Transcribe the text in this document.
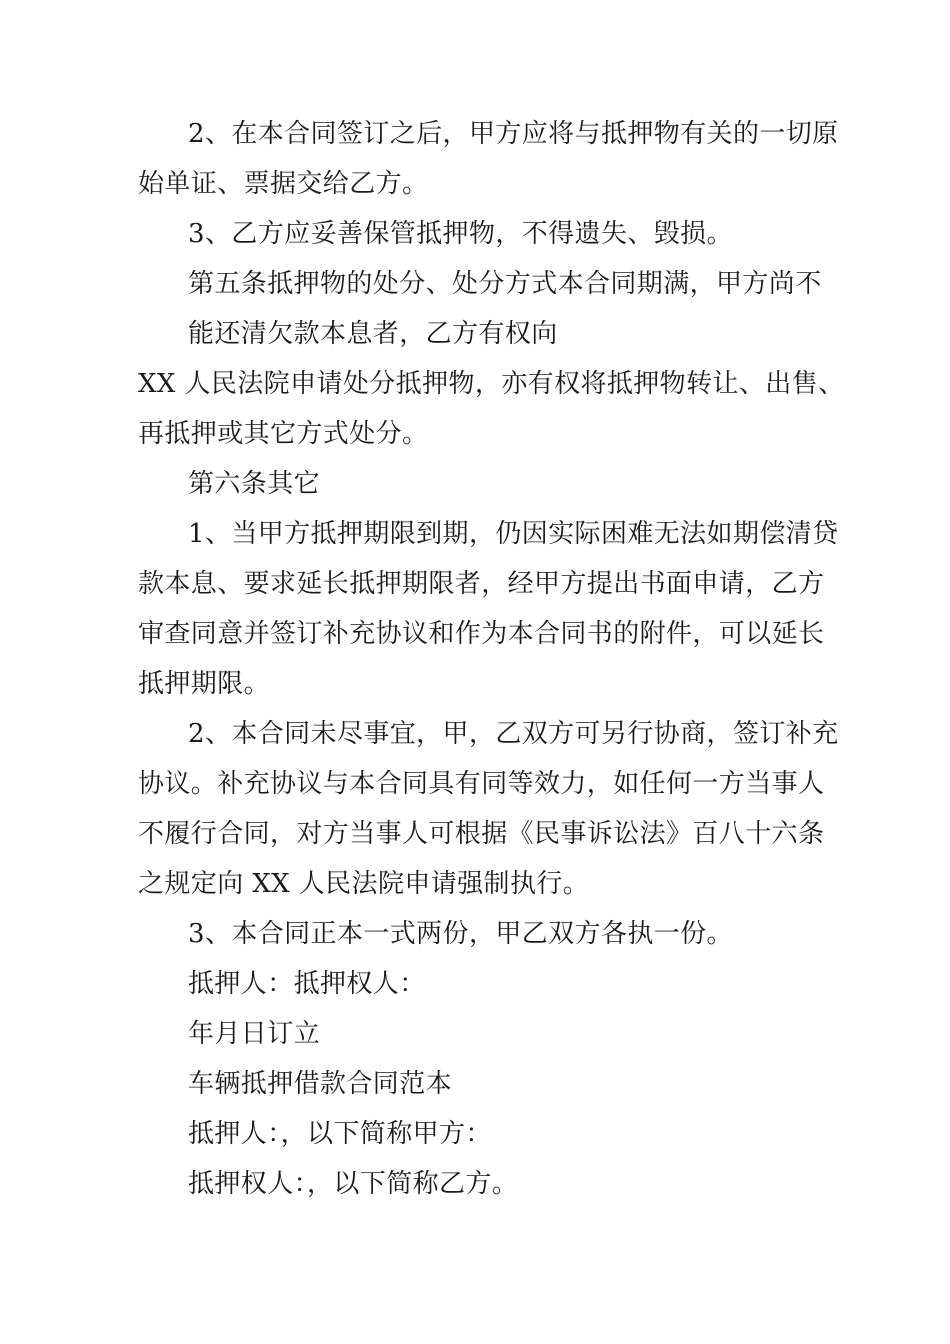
2、在本合同签订之后，甲方应将与抵押物有关的一切原
始单证、票据交给乙方。
3、乙方应妥善保管抵押物，不得遗失、毁损。
第五条抵押物的处分、处分方式本合同期满，甲方尚不
能还清欠款本息者，乙方有权向
XX 人民法院申请处分抵押物，亦有权将抵押物转让、出售、
再抵押或其它方式处分。
第六条其它
1、当甲方抵押期限到期，仍因实际困难无法如期偿清贷
款本息、要求延长抵押期限者，经甲方提出书面申请，乙方
审查同意并签订补充协议和作为本合同书的附件，可以延长
抵押期限。
2、本合同未尽事宜，甲，乙双方可另行协商，签订补充
协议。补充协议与本合同具有同等效力，如任何一方当事人
不履行合同，对方当事人可根据《民事诉讼法》百八十六条
之规定向 XX 人民法院申请强制执行。
3、本合同正本一式两份，甲乙双方各执一份。
抵押人：抵押权人：
年月日订立
车辆抵押借款合同范本
抵押人：，以下简称甲方：
抵押权人：，以下简称乙方。
